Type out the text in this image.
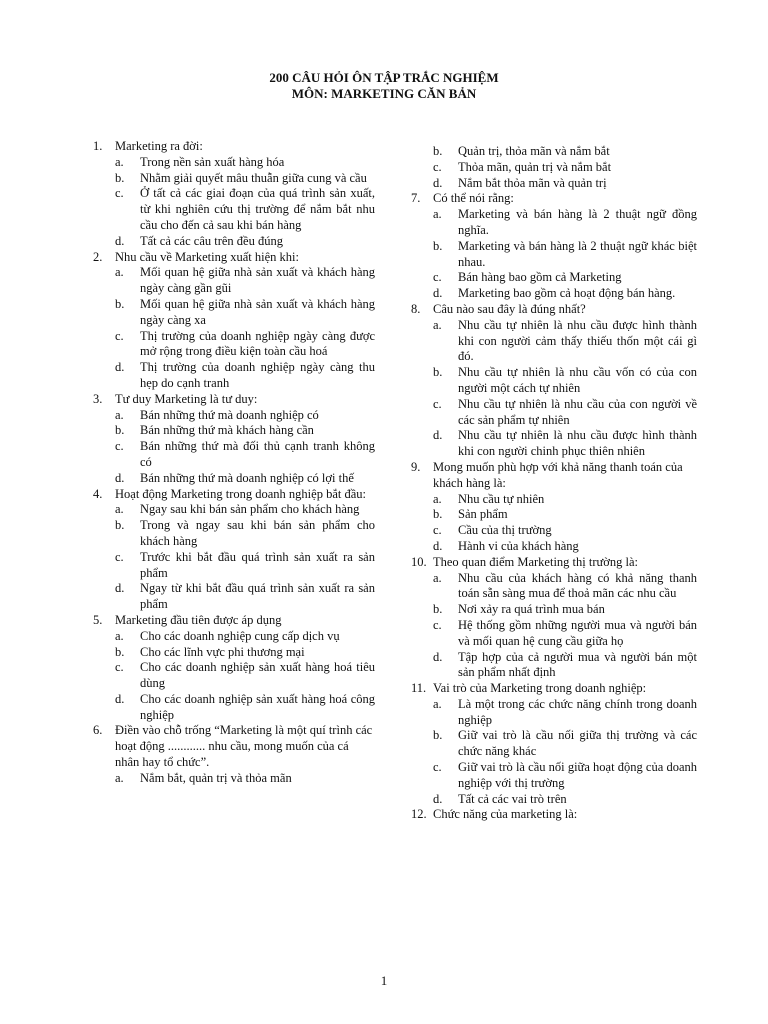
200 CÂU HỎI ÔN TẬP TRẮC NGHIỆM
MÔN: MARKETING CĂN BẢN
1.	Marketing ra đời:
a.	Trong nền sản xuất hàng hóa
b.	Nhằm giải quyết mâu thuẫn giữa cung và cầu
c.	Ở tất cả các giai đoạn của quá trình sản xuất, từ khi nghiên cứu thị trường để nắm bắt nhu cầu cho đến cả sau khi bán hàng
d.	Tất cả các câu trên đều đúng
2.	Nhu cầu về Marketing xuất hiện khi:
a.	Mối quan hệ giữa nhà sản xuất và khách hàng ngày càng gần gũi
b.	Mối quan hệ giữa nhà sản xuất và khách hàng ngày càng xa
c.	Thị trường của doanh nghiệp ngày càng được mở rộng trong điều kiện toàn cầu hoá
d.	Thị trường của doanh nghiệp ngày càng thu hẹp do cạnh tranh
3.	Tư duy Marketing là tư duy:
a.	Bán những thứ mà doanh nghiệp có
b.	Bán những thứ mà khách hàng cần
c.	Bán những thứ mà đối thủ cạnh tranh không có
d.	Bán những thứ mà doanh nghiệp có lợi thế
4.	Hoạt động Marketing trong doanh nghiệp bắt đầu:
a.	Ngay sau khi bán sản phẩm cho khách hàng
b.	Trong và ngay sau khi bán sản phẩm cho khách hàng
c.	Trước khi bắt đầu quá trình sản xuất ra sản phẩm
d.	Ngay từ khi bắt đầu quá trình sản xuất ra sản phẩm
5.	Marketing đầu tiên được áp dụng
a.	Cho các doanh nghiệp cung cấp dịch vụ
b.	Cho các lĩnh vực phi thương mại
c.	Cho các doanh nghiệp sản xuất hàng hoá tiêu dùng
d.	Cho các doanh nghiệp sản xuất hàng hoá công nghiệp
6.	Điền vào chỗ trống “Marketing là một quí trình các hoạt động ............ nhu cầu, mong muốn của cá nhân hay tổ chức”.
a.	Nắm bắt, quản trị và thỏa mãn
b.	Quản trị, thỏa mãn và nắm bắt
c.	Thỏa mãn, quản trị và nắm bắt
d.	Nắm bắt thỏa mãn và quản trị
7.	Có thể nói rằng:
a.	Marketing và bán hàng là 2 thuật ngữ đồng nghĩa.
b.	Marketing và bán hàng là 2 thuật ngữ khác biệt nhau.
c.	Bán hàng bao gồm cả Marketing
d.	Marketing bao gồm cả hoạt động bán hàng.
8.	Câu nào sau đây là đúng nhất?
a.	Nhu cầu tự nhiên là nhu cầu được hình thành khi con người cảm thấy thiếu thốn một cái gì đó.
b.	Nhu cầu tự nhiên là nhu cầu vốn có của con người một cách tự nhiên
c.	Nhu cầu tự nhiên là nhu cầu của con người về các sản phẩm tự nhiên
d.	Nhu cầu tự nhiên là nhu cầu được hình thành khi con người chinh phục thiên nhiên
9.	Mong muốn phù hợp với khả năng thanh toán của khách hàng là:
a.	Nhu cầu tự nhiên
b.	Sản phẩm
c.	Cầu của thị trường
d.	Hành vi của khách hàng
10. Theo quan điểm Marketing thị trường là:
a.	Nhu cầu của khách hàng có khả năng thanh toán sẵn sàng mua để thoả mãn các nhu cầu
b.	Nơi xảy ra quá trình mua bán
c.	Hệ thống gồm những người mua và người bán và mối quan hệ cung cầu giữa họ
d.	Tập hợp của cả người mua và người bán một sản phẩm nhất định
11. Vai trò của Marketing trong doanh nghiệp:
a.	Là một trong các chức năng chính trong doanh nghiệp
b.	Giữ vai trò là cầu nối giữa thị trường và các chức năng khác
c.	Giữ vai trò là cầu nối giữa hoạt động của doanh nghiệp với thị trường
d.	Tất cả các vai trò trên
12. Chức năng của marketing là:
1
